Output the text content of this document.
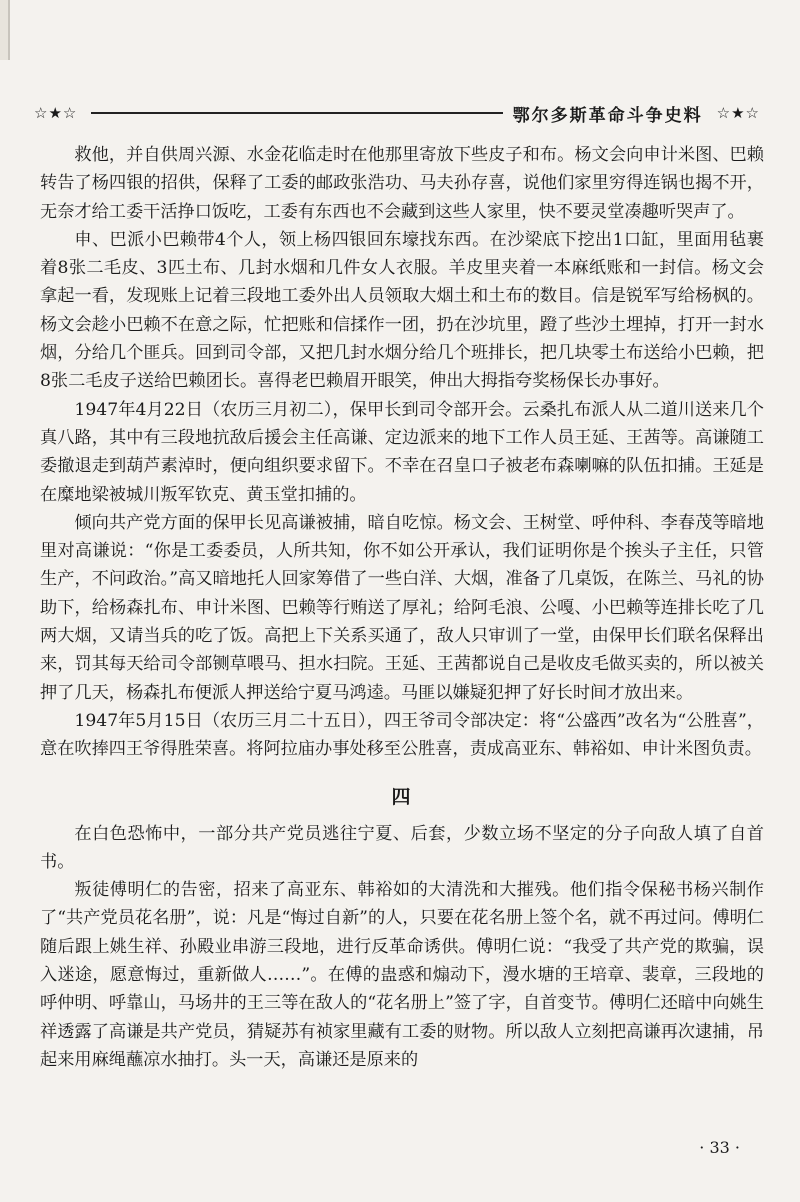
☆★☆	鄂尔多斯革命斗争史料 ☆★☆

救他，并自供周兴源、水金花临走时在他那里寄放下些皮子和布。杨文会向申计米图、巴赖转告了杨四银的招供，保释了工委的邮政张浩功、马夫孙存喜，说他们家里穷得连锅也揭不开，无奈才给工委干活挣口饭吃，工委有东西也不会藏到这些人家里，快不要灵堂凑趣听哭声了。

申、巴派小巴赖带4个人，领上杨四银回东壕找东西。在沙梁底下挖出1口缸，里面用毡裹着8张二毛皮、3匹土布、几封水烟和几件女人衣服。羊皮里夹着一本麻纸账和一封信。杨文会拿起一看，发现账上记着三段地工委外出人员领取大烟土和土布的数目。信是锐军写给杨枫的。杨文会趁小巴赖不在意之际，忙把账和信揉作一团，扔在沙坑里，蹬了些沙土埋掉，打开一封水烟，分给几个匪兵。回到司令部，又把几封水烟分给几个班排长，把几块零土布送给小巴赖，把8张二毛皮子送给巴赖团长。喜得老巴赖眉开眼笑，伸出大拇指夸奖杨保长办事好。

1947年4月22日（农历三月初二），保甲长到司令部开会。云桑扎布派人从二道川送来几个真八路，其中有三段地抗敌后援会主任高谦、定边派来的地下工作人员王延、王茜等。高谦随工委撤退走到葫芦素淖时，便向组织要求留下。不幸在召皇口子被老布森喇嘛的队伍扣捕。王延是在糜地梁被城川叛军钦克、黄玉堂扣捕的。

倾向共产党方面的保甲长见高谦被捕，暗自吃惊。杨文会、王树堂、呼仲科、李春茂等暗地里对高谦说：“你是工委委员，人所共知，你不如公开承认，我们证明你是个挨头子主任，只管生产，不问政治。”高又暗地托人回家筹借了一些白洋、大烟，准备了几桌饭，在陈兰、马礼的协助下，给杨森扎布、申计米图、巴赖等行贿送了厚礼；给阿毛浪、公嘎、小巴赖等连排长吃了几两大烟，又请当兵的吃了饭。高把上下关系买通了，敌人只审训了一堂，由保甲长们联名保释出来，罚其每天给司令部铡草喂马、担水扫院。王延、王茜都说自己是收皮毛做买卖的，所以被关押了几天，杨森扎布便派人押送给宁夏马鸿逵。马匪以嫌疑犯押了好长时间才放出来。

1947年5月15日（农历三月二十五日），四王爷司令部决定：将“公盛西”改名为“公胜喜”，意在吹捧四王爷得胜荣喜。将阿拉庙办事处移至公胜喜，责成高亚东、韩裕如、申计米图负责。

四

在白色恐怖中，一部分共产党员逃往宁夏、后套，少数立场不坚定的分子向敌人填了自首书。

叛徒傅明仁的告密，招来了高亚东、韩裕如的大清洗和大摧残。他们指令保秘书杨兴制作了“共产党员花名册”，说：凡是“悔过自新”的人，只要在花名册上签个名，就不再过问。傅明仁随后跟上姚生祥、孙殿业串游三段地，进行反革命诱供。傅明仁说：“我受了共产党的欺骗，误入迷途，愿意悔过，重新做人……”。在傅的蛊惑和煽动下，漫水塘的王培章、裴章，三段地的呼仲明、呼靠山，马场井的王三等在敌人的“花名册上”签了字，自首变节。傅明仁还暗中向姚生祥透露了高谦是共产党员，猜疑苏有祯家里藏有工委的财物。所以敌人立刻把高谦再次逮捕，吊起来用麻绳蘸凉水抽打。头一天，高谦还是原来的

· 33 ·
